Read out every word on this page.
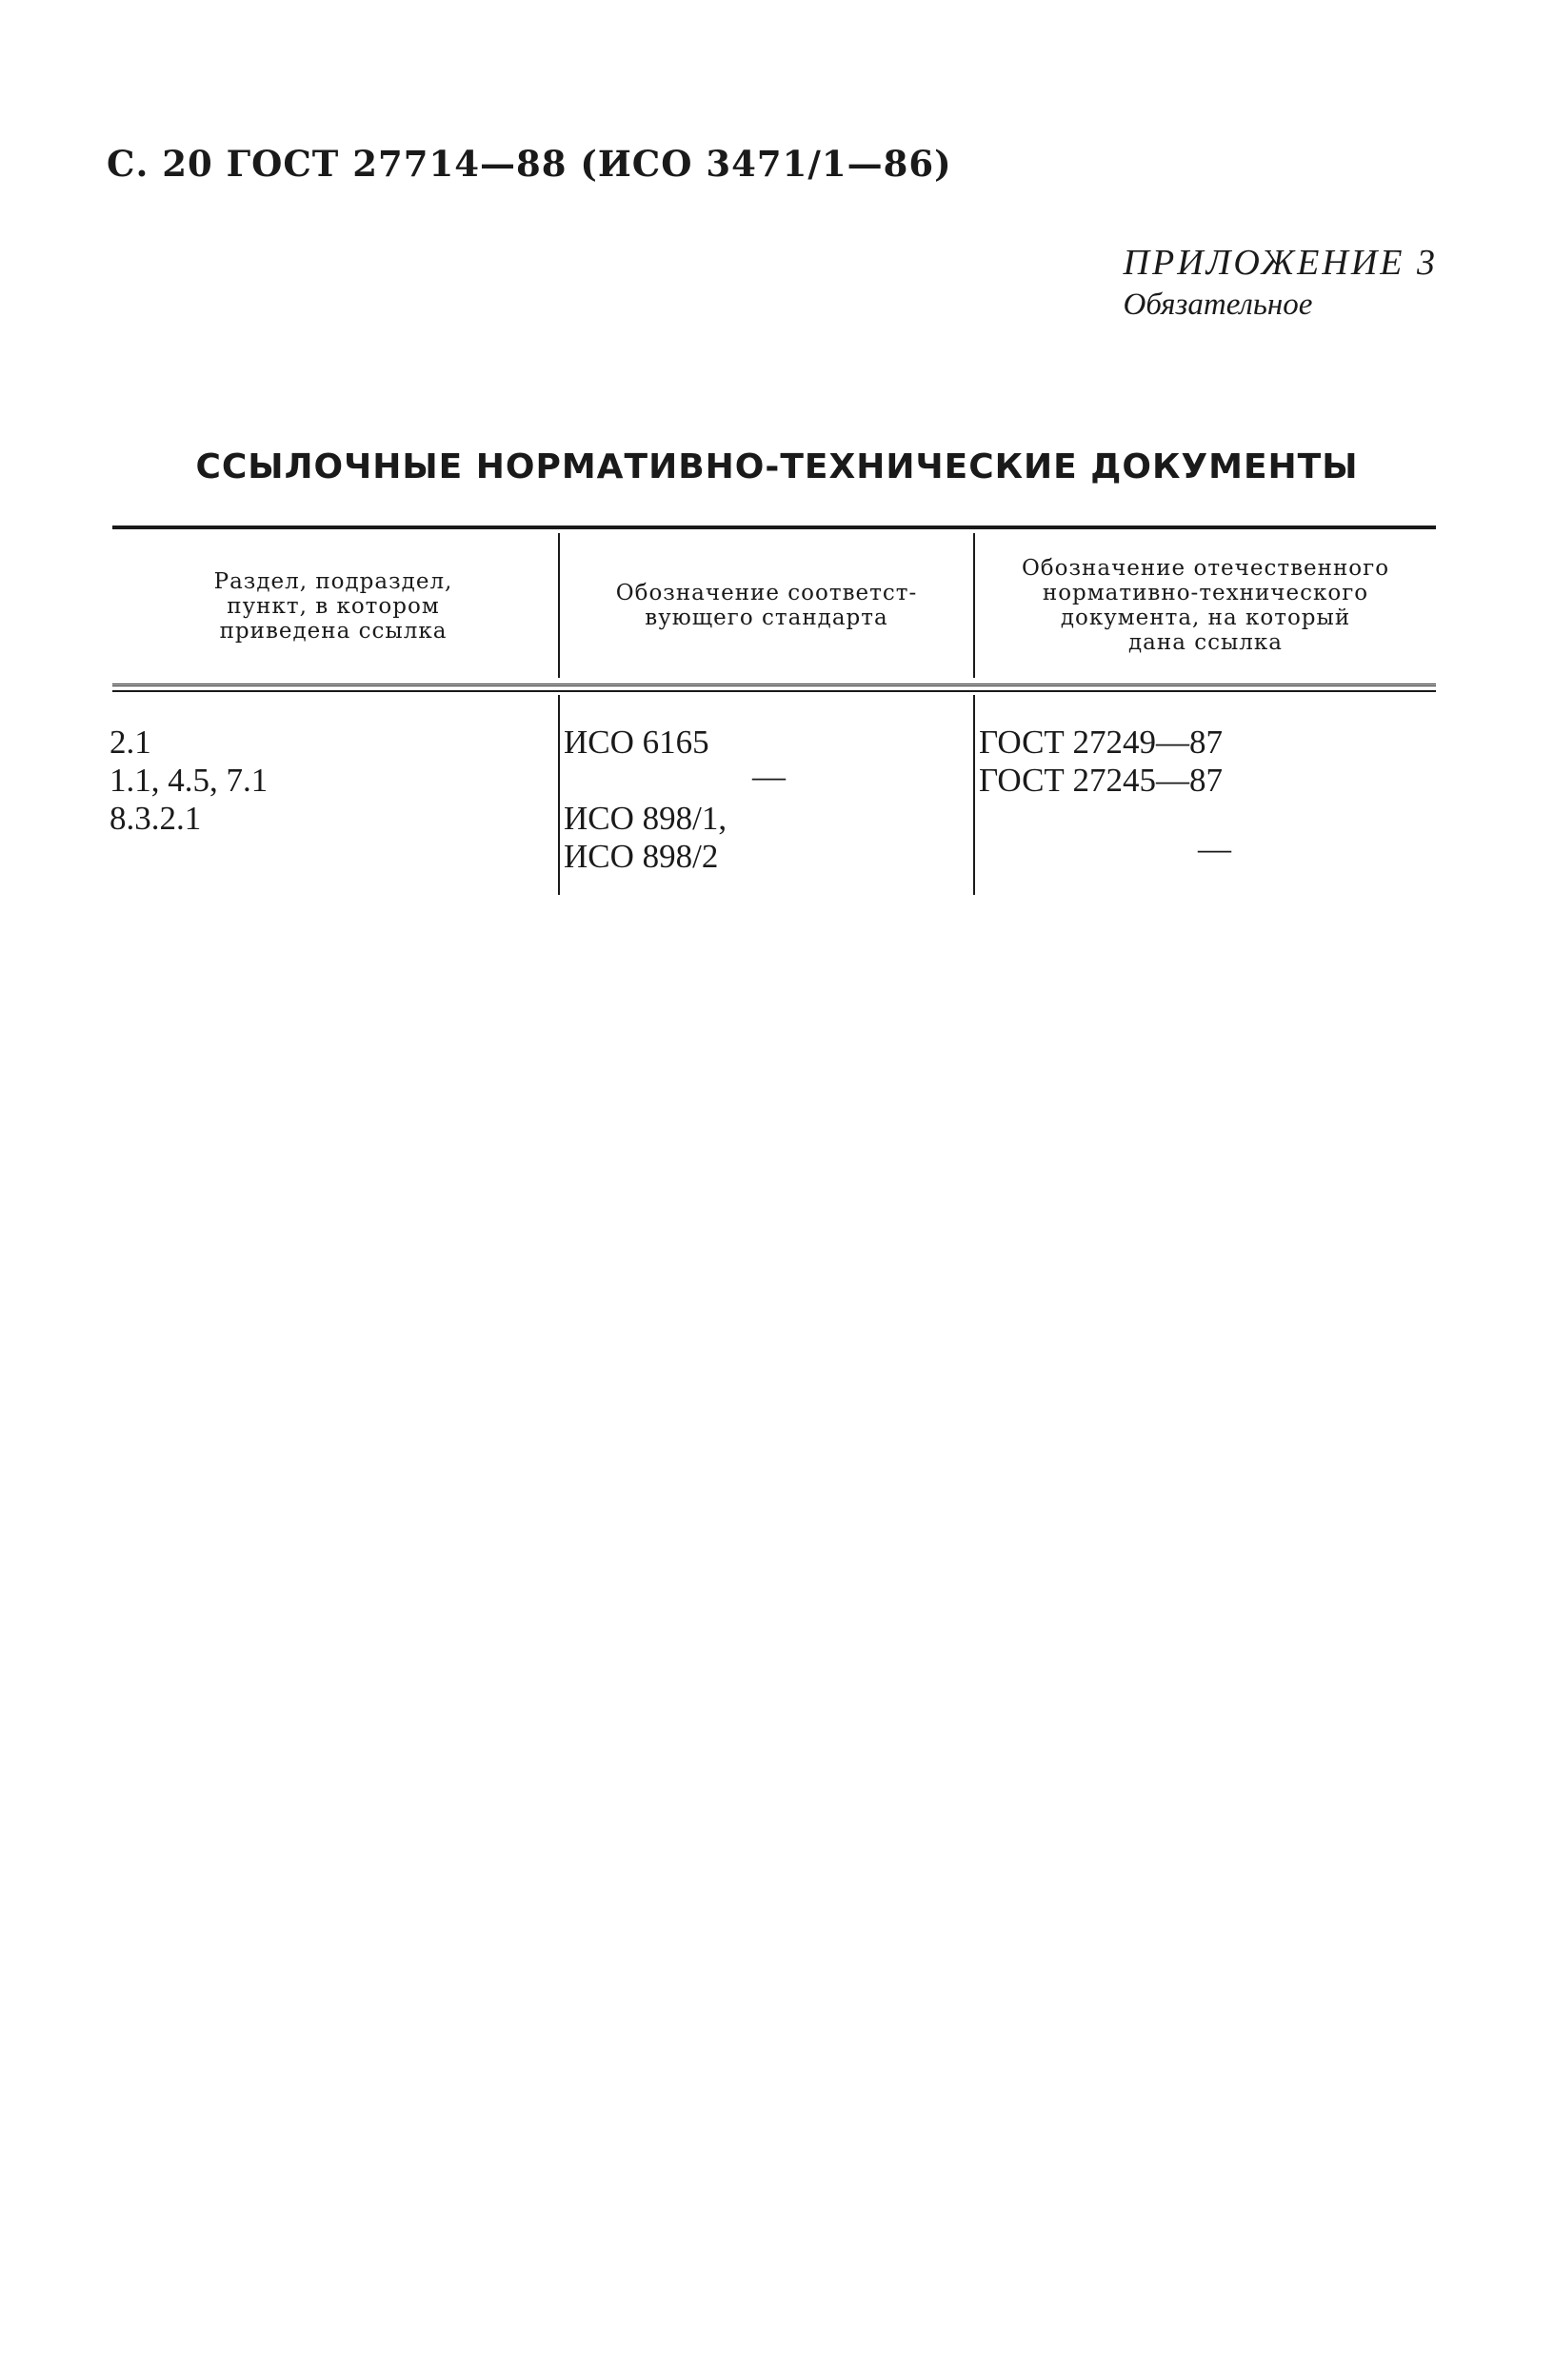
С. 20 ГОСТ 27714—88 (ИСО 3471/1—86)
ПРИЛОЖЕНИЕ 3
Обязательное
ССЫЛОЧНЫЕ НОРМАТИВНО-ТЕХНИЧЕСКИЕ ДОКУМЕНТЫ
Раздел, подраздел,
пункт, в котором
приведена ссылка
Обозначение соответст-
вующего стандарта
Обозначение отечественного
нормативно-технического
документа, на который
дана ссылка
2.1
1.1, 4.5, 7.1
8.3.2.1
ИСО 6165
ИСО 898/1,
ИСО 898/2
ГОСТ 27249—87
ГОСТ 27245—87
—
—
